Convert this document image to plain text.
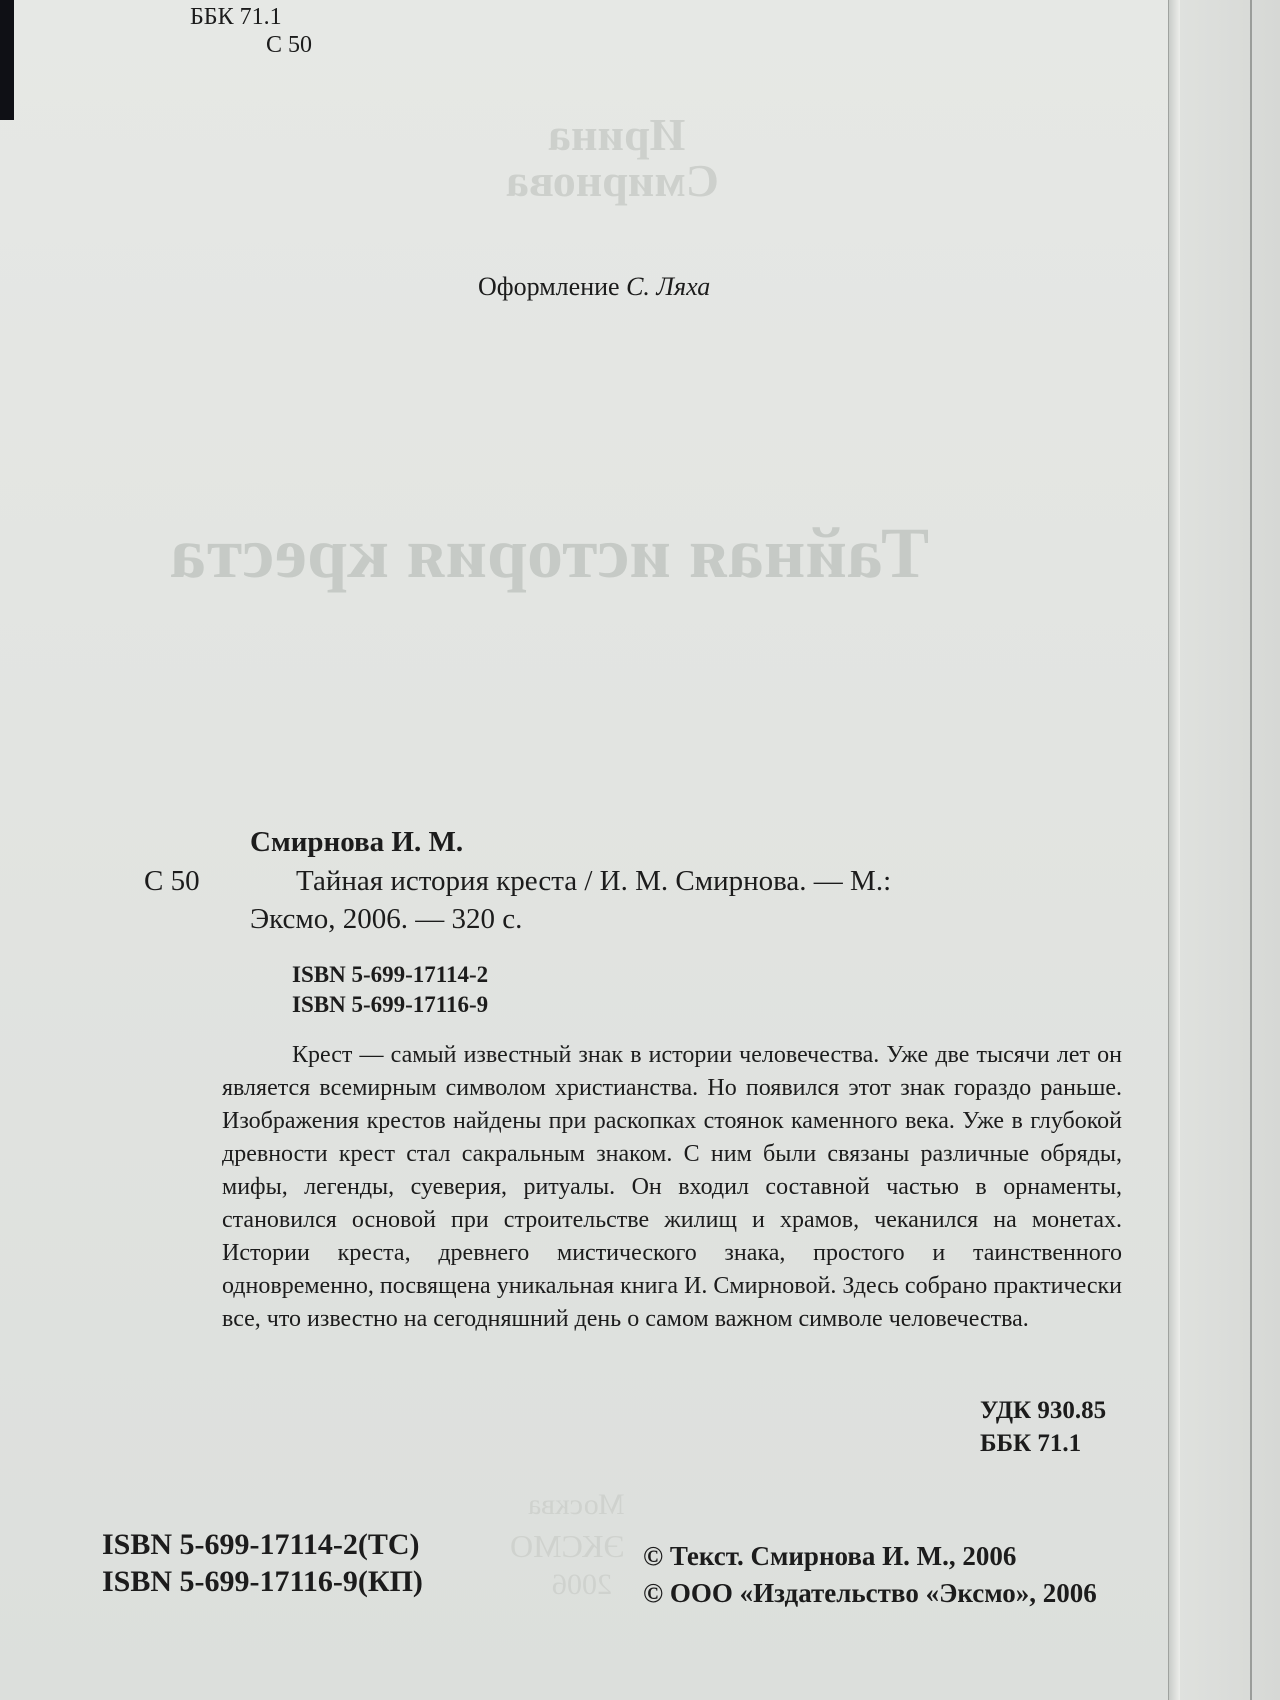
Ирина
Смирнова
Тайная история креста
Москва
ЭКСМО
2006
ББК 71.1
С 50
Оформление С. Ляха
Смирнова И. М.
С 50	Тайная история креста / И. М. Смирнова. — М.:
Эксмо, 2006. — 320 с.
ISBN 5-699-17114-2
ISBN 5-699-17116-9

Крест — самый известный знак в истории человечества. Уже две тысячи лет он является всемирным символом христианства. Но появился этот знак гораздо раньше. Изображения крестов найдены при раскопках стоянок каменного века. Уже в глубокой древности крест стал сакральным знаком. С ним были связаны различные обряды, мифы, легенды, суеверия, ритуалы. Он входил составной частью в орнаменты, становился основой при строительстве жилищ и храмов, чеканился на монетах. Истории креста, древнего мистического знака, простого и таинственного одновременно, посвящена уникальная книга И. Смирновой. Здесь собрано практически все, что известно на сегодняшний день о самом важном символе человечества.

УДК 930.85
ББК 71.1
ISBN 5-699-17114-2(ТС)
ISBN 5-699-17116-9(КП)
© Текст. Смирнова И. М., 2006
© ООО «Издательство «Эксмо», 2006
